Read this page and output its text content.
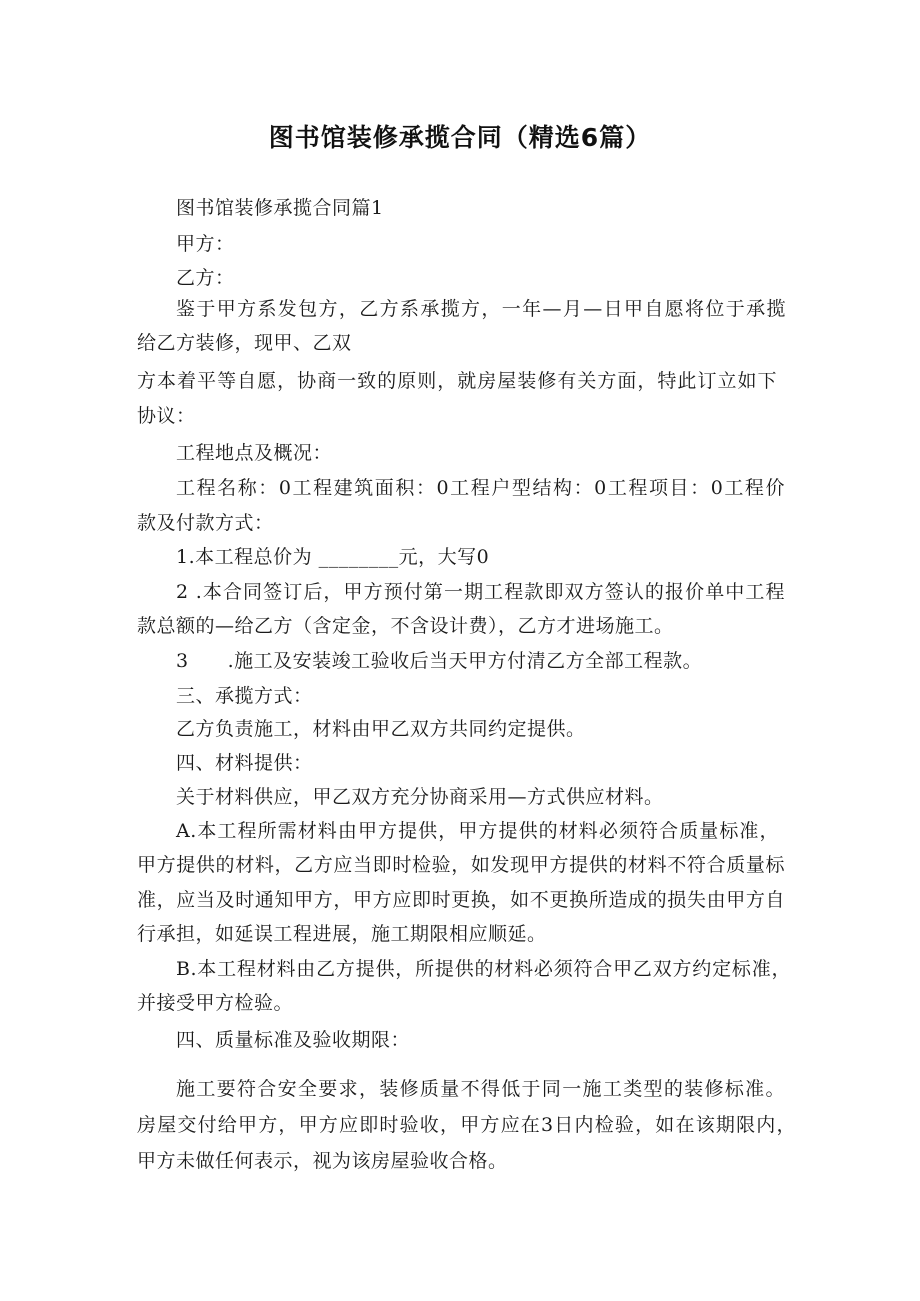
图书馆装修承揽合同（精选6篇）
图书馆装修承揽合同篇1
甲方：
乙方：
鉴于甲方系发包方，乙方系承揽方，一年—月—日甲自愿将位于承揽
给乙方装修，现甲、乙双
方本着平等自愿，协商一致的原则，就房屋装修有关方面，特此订立如下
协议：
工程地点及概况：
工程名称：0工程建筑面积：0工程户型结构：0工程项目：0工程价
款及付款方式：
1.本工程总价为 ________元，大写0
2 .本合同签订后，甲方预付第一期工程款即双方签认的报价单中工程
款总额的—给乙方（含定金，不含设计费），乙方才进场施工。
3　　.施工及安装竣工验收后当天甲方付清乙方全部工程款。
三、承揽方式：
乙方负责施工，材料由甲乙双方共同约定提供。
四、材料提供：
关于材料供应，甲乙双方充分协商采用—方式供应材料。
A.本工程所需材料由甲方提供，甲方提供的材料必须符合质量标准，
甲方提供的材料，乙方应当即时检验，如发现甲方提供的材料不符合质量标
准，应当及时通知甲方，甲方应即时更换，如不更换所造成的损失由甲方自
行承担，如延误工程进展，施工期限相应顺延。
B.本工程材料由乙方提供，所提供的材料必须符合甲乙双方约定标准，
并接受甲方检验。
四、质量标准及验收期限：
施工要符合安全要求，装修质量不得低于同一施工类型的装修标准。
房屋交付给甲方，甲方应即时验收，甲方应在3日内检验，如在该期限内，
甲方未做任何表示，视为该房屋验收合格。
